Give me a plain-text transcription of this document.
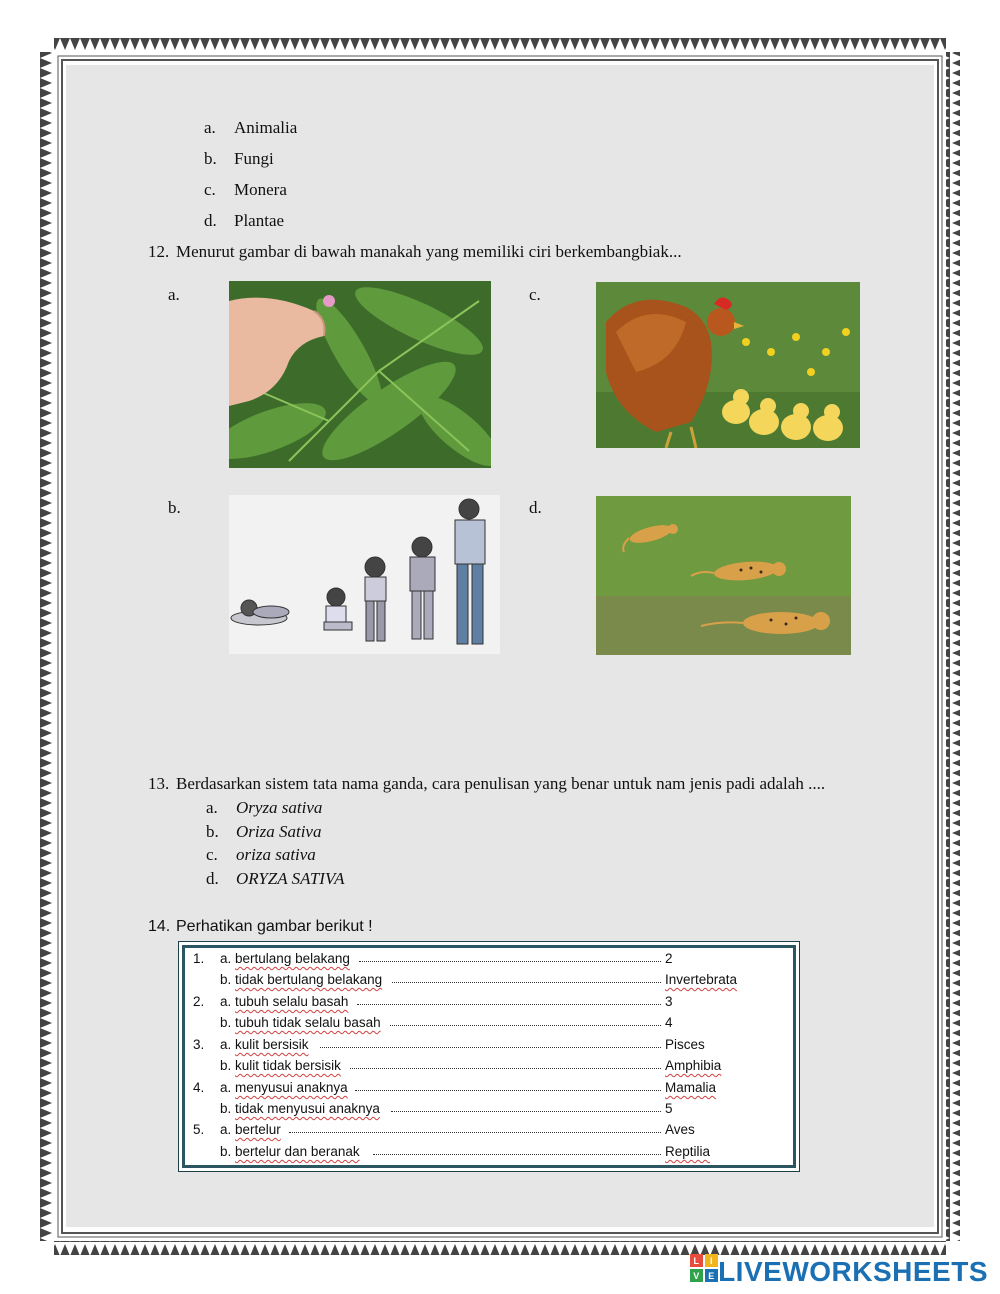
a. Animalia
b. Fungi
c. Monera
d. Plantae
12. Menurut gambar di bawah manakah yang memiliki ciri berkembangbiak...
a.	c.
b.	d.
13. Berdasarkan sistem tata nama ganda, cara penulisan yang benar untuk nam jenis padi adalah ....
a. Oryza sativa
b. Oriza Sativa
c. oriza sativa
d. ORYZA SATIVA
14. Perhatikan gambar berikut !
1. a. bertulang belakang	2
b. tidak bertulang belakang	Invertebrata
2. a. tubuh selalu basah	3
b. tubuh tidak selalu basah	4
3. a. kulit bersisik	Pisces
b. kulit tidak bersisik	Amphibia
4. a. menyusui anaknya	Mamalia
b. tidak menyusui anaknya	5
5. a. bertelur	Aves
b. bertelur dan beranak	Reptilia
L I
V E LIVEWORKSHEETS
